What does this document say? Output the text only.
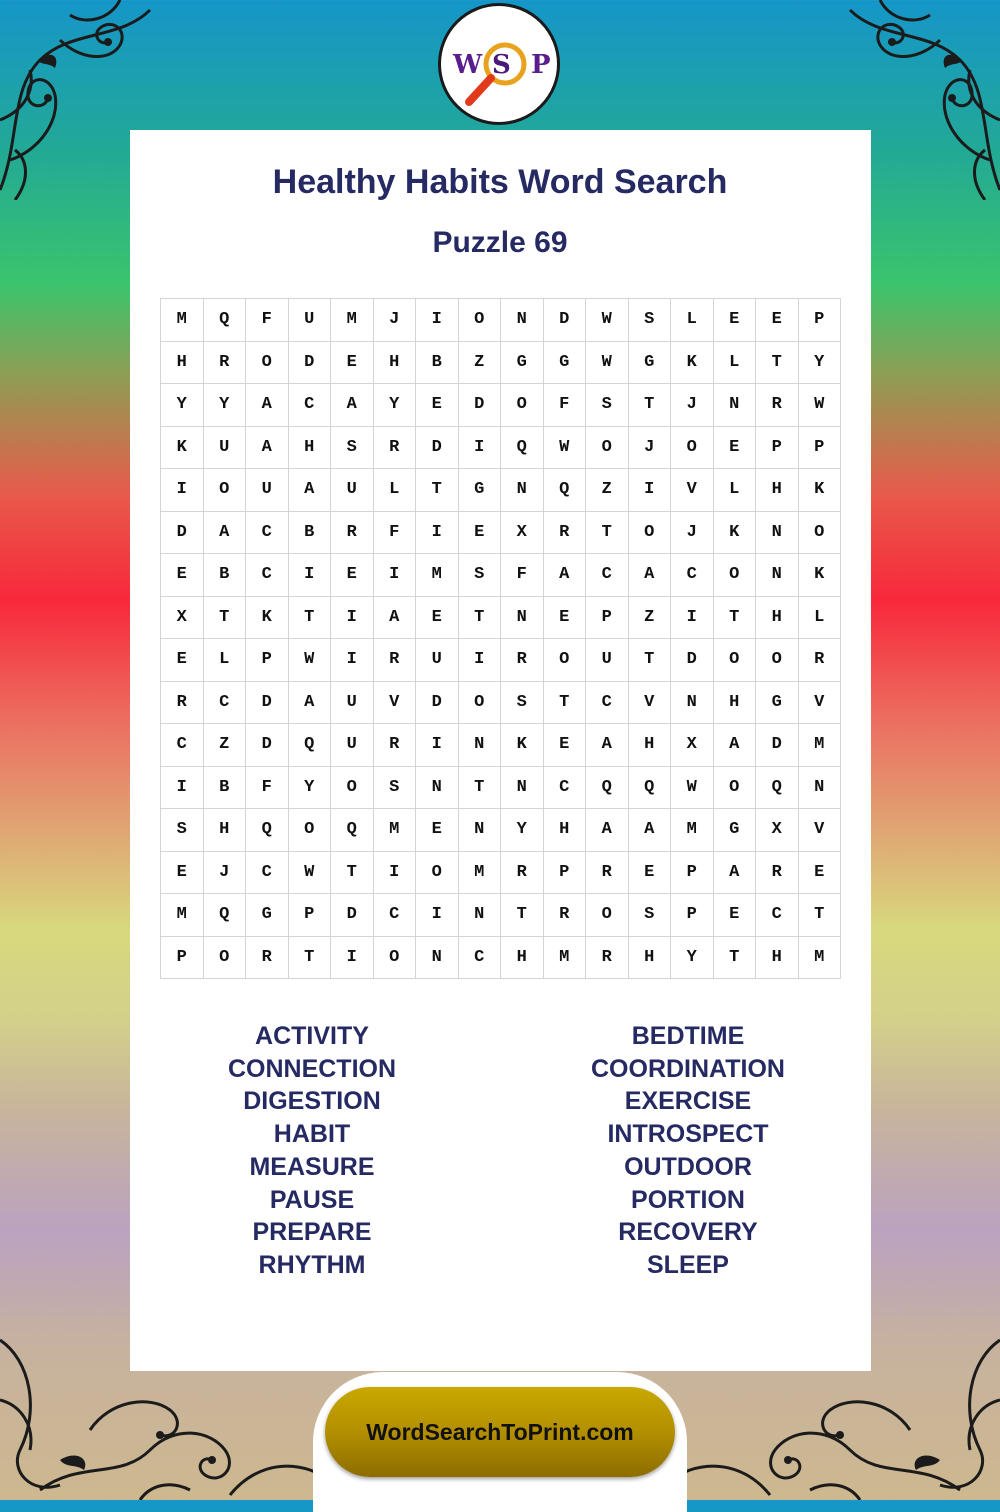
W S P
Healthy Habits Word Search
Puzzle 69
M	Q	F	U	M	J	I	O	N	D	W	S	L	E	E	P
H	R	O	D	E	H	B	Z	G	G	W	G	K	L	T	Y
Y	Y	A	C	A	Y	E	D	O	F	S	T	J	N	R	W
K	U	A	H	S	R	D	I	Q	W	O	J	O	E	P	P
I	O	U	A	U	L	T	G	N	Q	Z	I	V	L	H	K
D	A	C	B	R	F	I	E	X	R	T	O	J	K	N	O
E	B	C	I	E	I	M	S	F	A	C	A	C	O	N	K
X	T	K	T	I	A	E	T	N	E	P	Z	I	T	H	L
E	L	P	W	I	R	U	I	R	O	U	T	D	O	O	R
R	C	D	A	U	V	D	O	S	T	C	V	N	H	G	V
C	Z	D	Q	U	R	I	N	K	E	A	H	X	A	D	M
I	B	F	Y	O	S	N	T	N	C	Q	Q	W	O	Q	N
S	H	Q	O	Q	M	E	N	Y	H	A	A	M	G	X	V
E	J	C	W	T	I	O	M	R	P	R	E	P	A	R	E
M	Q	G	P	D	C	I	N	T	R	O	S	P	E	C	T
P	O	R	T	I	O	N	C	H	M	R	H	Y	T	H	M
ACTIVITY
CONNECTION
DIGESTION
HABIT
MEASURE
PAUSE
PREPARE
RHYTHM
BEDTIME
COORDINATION
EXERCISE
INTROSPECT
OUTDOOR
PORTION
RECOVERY
SLEEP
WordSearchToPrint.com
